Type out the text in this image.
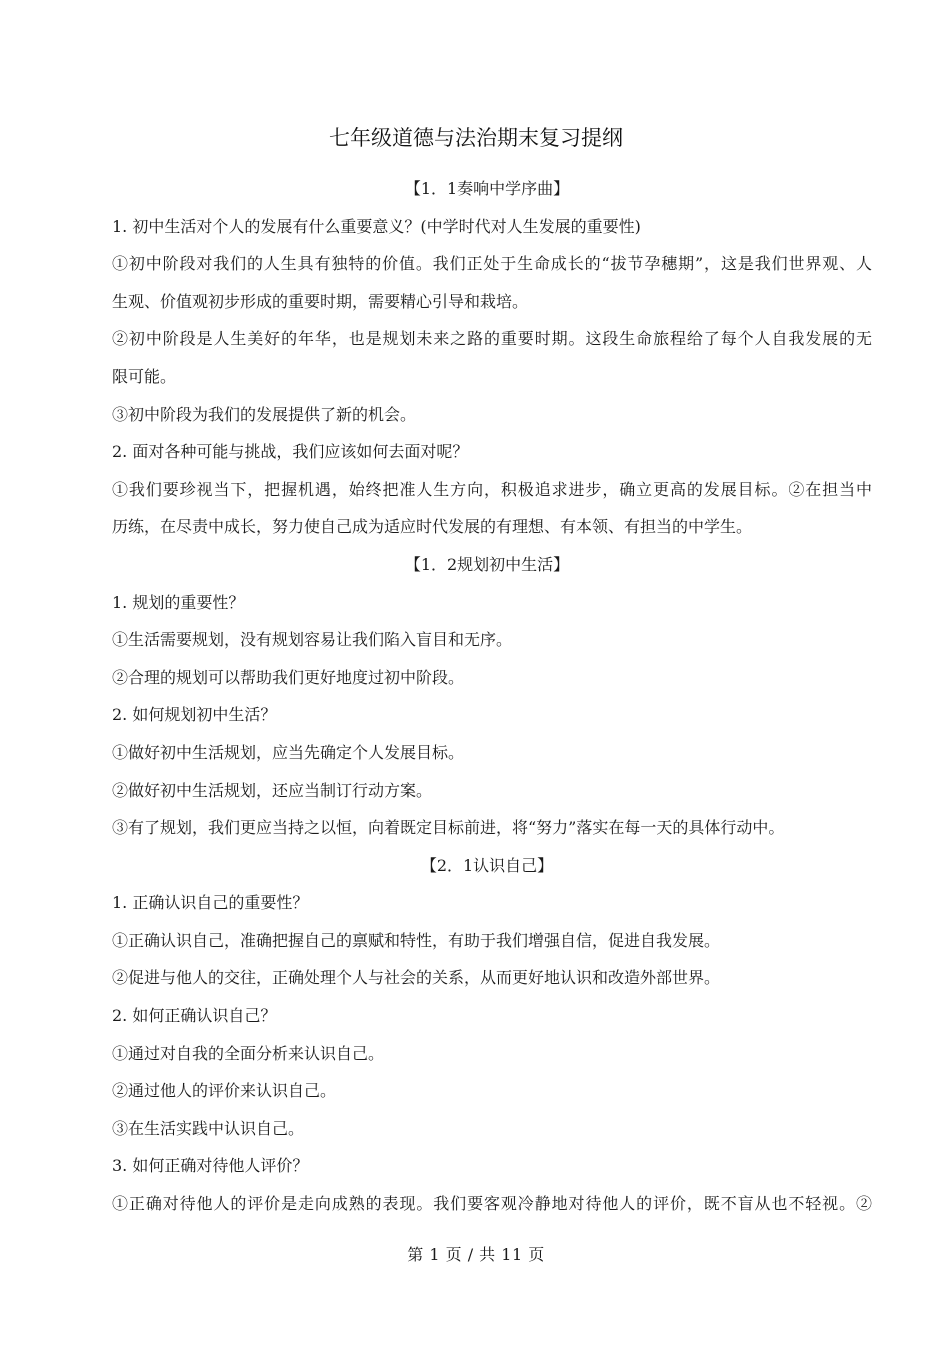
七年级道德与法治期末复习提纲
【1．1奏响中学序曲】
1. 初中生活对个人的发展有什么重要意义？(中学时代对人生发展的重要性)
①初中阶段对我们的人生具有独特的价值。我们正处于生命成长的“拔节孕穗期”，这是我们世界观、人
生观、价值观初步形成的重要时期，需要精心引导和栽培。
②初中阶段是人生美好的年华，也是规划未来之路的重要时期。这段生命旅程给了每个人自我发展的无
限可能。
③初中阶段为我们的发展提供了新的机会。
2. 面对各种可能与挑战，我们应该如何去面对呢？
①我们要珍视当下，把握机遇，始终把准人生方向，积极追求进步，确立更高的发展目标。②在担当中
历练，在尽责中成长，努力使自己成为适应时代发展的有理想、有本领、有担当的中学生。
【1．2规划初中生活】
1. 规划的重要性？
①生活需要规划，没有规划容易让我们陷入盲目和无序。
②合理的规划可以帮助我们更好地度过初中阶段。
2. 如何规划初中生活？
①做好初中生活规划，应当先确定个人发展目标。
②做好初中生活规划，还应当制订行动方案。
③有了规划，我们更应当持之以恒，向着既定目标前进，将“努力”落实在每一天的具体行动中。
【2．1认识自己】
1. 正确认识自己的重要性？
①正确认识自己，准确把握自己的禀赋和特性，有助于我们增强自信，促进自我发展。
②促进与他人的交往，正确处理个人与社会的关系，从而更好地认识和改造外部世界。
2. 如何正确认识自己？
①通过对自我的全面分析来认识自己。
②通过他人的评价来认识自己。
③在生活实践中认识自己。
3. 如何正确对待他人评价？
①正确对待他人的评价是走向成熟的表现。我们要客观冷静地对待他人的评价，既不盲从也不轻视。②
第 1 页 / 共 11 页
